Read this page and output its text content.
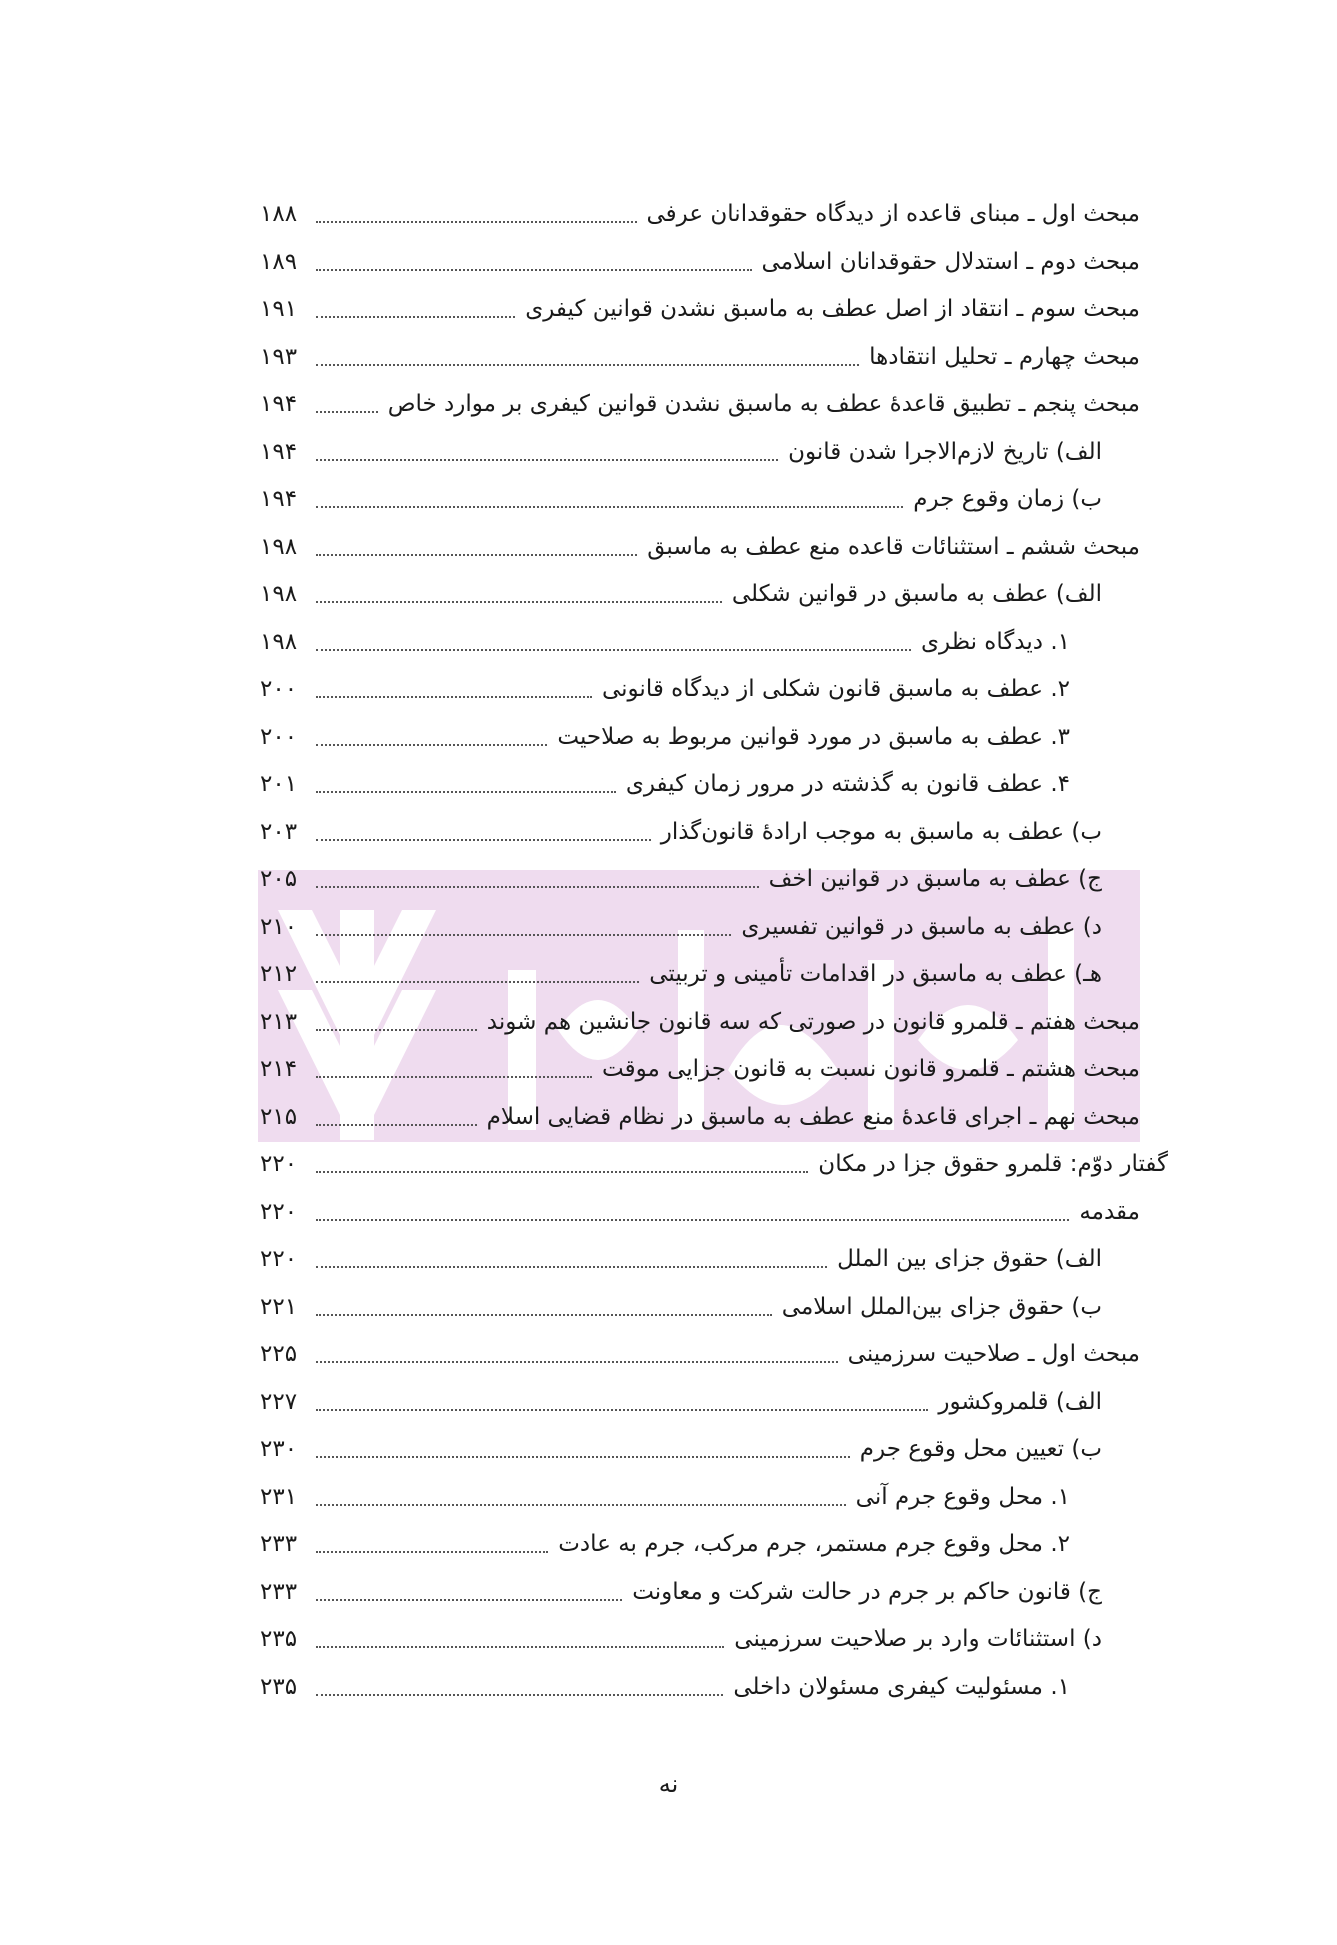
مبحث اول ـ مبنای قاعده از دیدگاه حقوقدانان عرفی
۱۸۸
مبحث دوم ـ استدلال حقوقدانان اسلامی
۱۸۹
مبحث سوم ـ انتقاد از اصل عطف به ماسبق نشدن قوانین کیفری
۱۹۱
مبحث چهارم ـ تحلیل انتقادها
۱۹۳
مبحث پنجم ـ تطبیق قاعدهٔ عطف به ماسبق نشدن قوانین کیفری بر موارد خاص
۱۹۴
الف) تاریخ لازم‌الاجرا شدن قانون
۱۹۴
ب) زمان وقوع جرم
۱۹۴
مبحث ششم ـ استثنائات قاعده منع عطف به ماسبق
۱۹۸
الف) عطف به ماسبق در قوانین شکلی
۱۹۸
۱. دیدگاه نظری
۱۹۸
۲. عطف به ماسبق قانون شکلی از دیدگاه قانونی
۲۰۰
۳. عطف به ماسبق در مورد قوانین مربوط به صلاحیت
۲۰۰
۴. عطف قانون به گذشته در مرور زمان کیفری
۲۰۱
ب) عطف به ماسبق به موجب ارادهٔ قانون‌گذار
۲۰۳
ج) عطف به ماسبق در قوانین اخف
۲۰۵
د) عطف به ماسبق در قوانین تفسیری
۲۱۰
هـ) عطف به ماسبق در اقدامات تأمینی و تربیتی
۲۱۲
مبحث هفتم ـ قلمرو قانون در صورتی که سه قانون جانشین هم شوند
۲۱۳
مبحث هشتم ـ قلمرو قانون نسبت به قانون جزایی موقت
۲۱۴
مبحث نهم ـ اجرای قاعدهٔ منع عطف به ماسبق در نظام قضایی اسلام
۲۱۵
گفتار دوّم: قلمرو حقوق جزا در مکان
۲۲۰
مقدمه
۲۲۰
الف) حقوق جزای بین الملل
۲۲۰
ب) حقوق جزای بین‌الملل اسلامی
۲۲۱
مبحث اول ـ صلاحیت سرزمینی
۲۲۵
الف) قلمروکشور
۲۲۷
ب) تعیین محل وقوع جرم
۲۳۰
۱. محل وقوع جرم آنی
۲۳۱
۲. محل وقوع جرم مستمر، جرم مرکب، جرم به عادت
۲۳۳
ج) قانون حاکم بر جرم در حالت شرکت و معاونت
۲۳۳
د) استثنائات وارد بر صلاحیت سرزمینی
۲۳۵
۱. مسئولیت کیفری مسئولان داخلی
۲۳۵
نه
